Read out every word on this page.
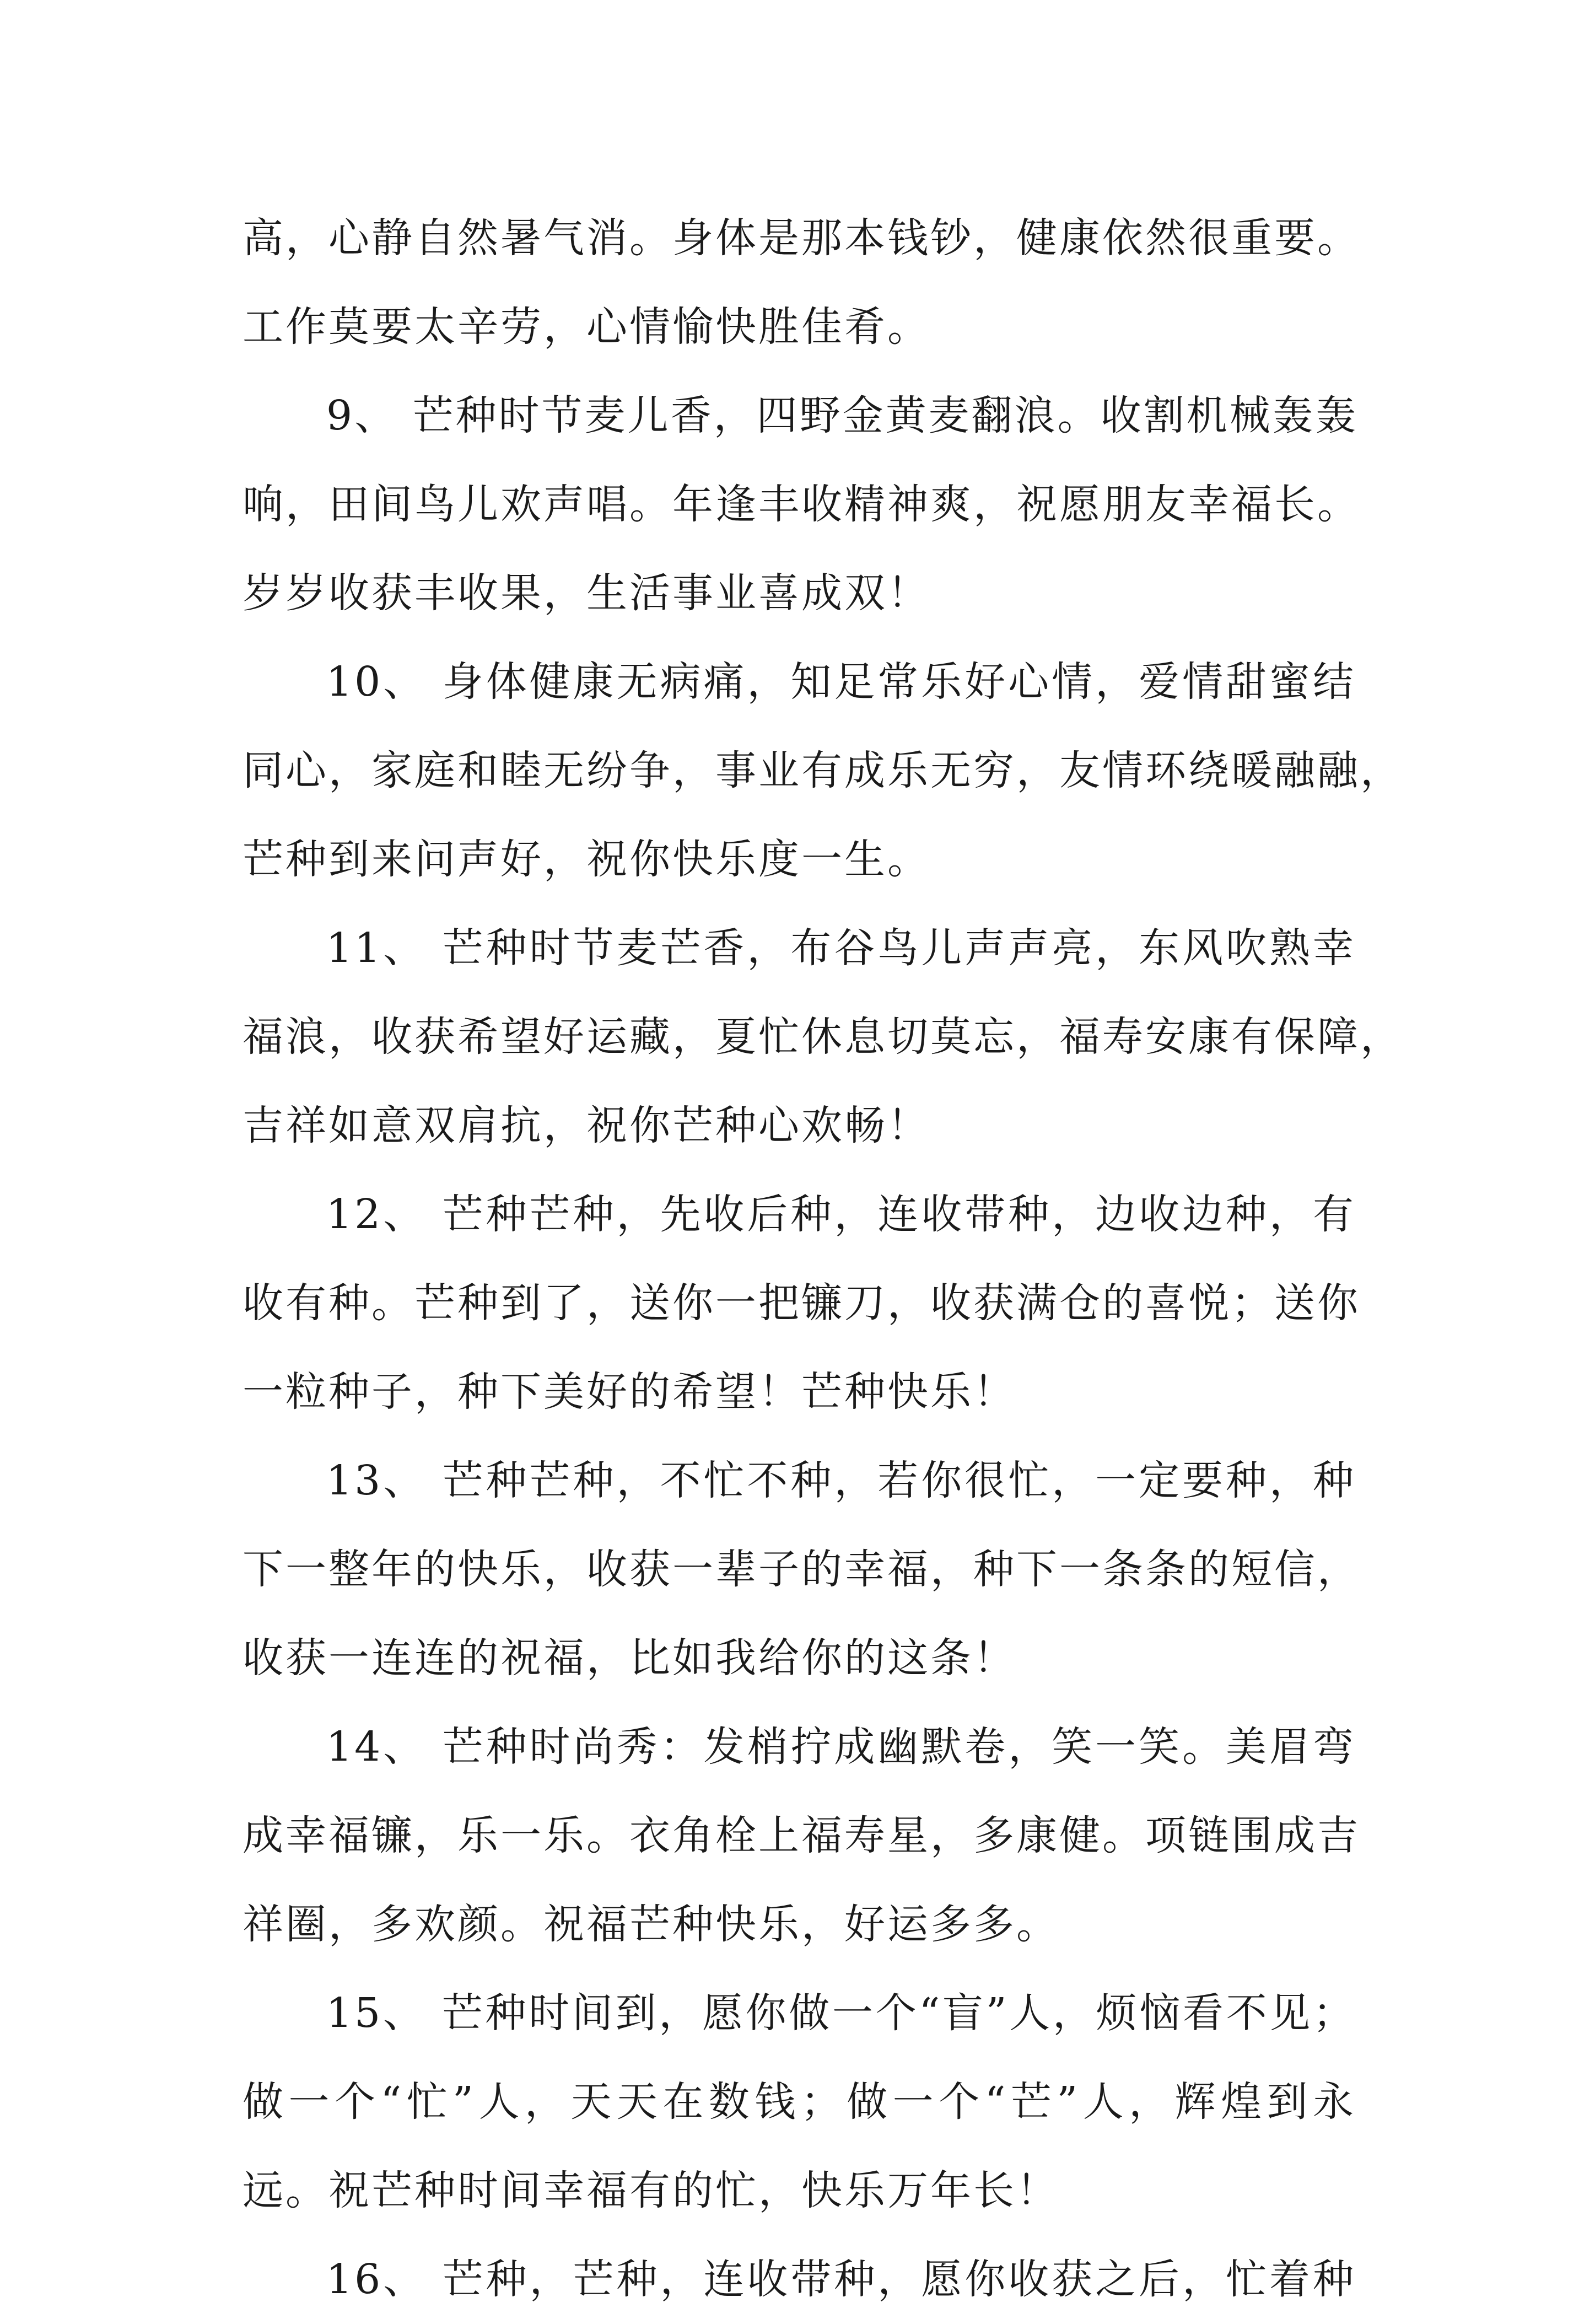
高，心静自然暑气消。身体是那本钱钞，健康依然很重要。
工作莫要太辛劳，心情愉快胜佳肴。
9、 芒种时节麦儿香，四野金黄麦翻浪。收割机械轰轰
响，田间鸟儿欢声唱。年逢丰收精神爽，祝愿朋友幸福长。
岁岁收获丰收果，生活事业喜成双！
10、 身体健康无病痛，知足常乐好心情，爱情甜蜜结
同心，家庭和睦无纷争，事业有成乐无穷，友情环绕暖融融，
芒种到来问声好，祝你快乐度一生。
11、 芒种时节麦芒香，布谷鸟儿声声亮，东风吹熟幸
福浪，收获希望好运藏，夏忙休息切莫忘，福寿安康有保障，
吉祥如意双肩抗，祝你芒种心欢畅！
12、 芒种芒种，先收后种，连收带种，边收边种，有
收有种。芒种到了，送你一把镰刀，收获满仓的喜悦；送你
一粒种子，种下美好的希望！芒种快乐！
13、 芒种芒种，不忙不种，若你很忙，一定要种，种
下一整年的快乐，收获一辈子的幸福，种下一条条的短信，
收获一连连的祝福，比如我给你的这条！
14、 芒种时尚秀：发梢拧成幽默卷，笑一笑。美眉弯
成幸福镰，乐一乐。衣角栓上福寿星，多康健。项链围成吉
祥圈，多欢颜。祝福芒种快乐，好运多多。
15、 芒种时间到，愿你做一个“盲”人，烦恼看不见；
做一个“忙”人，天天在数钱；做一个“芒”人，辉煌到永
远。祝芒种时间幸福有的忙，快乐万年长！
16、 芒种，芒种，连收带种，愿你收获之后，忙着种
